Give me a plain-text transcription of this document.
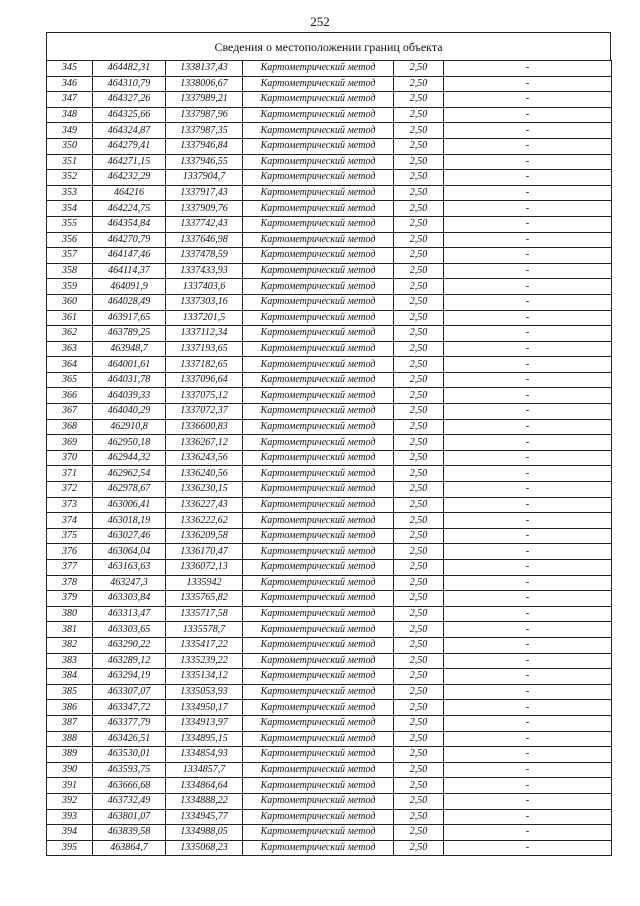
252
Сведения о местоположении границ объекта
345	464482,31	1338137,43	Картометрический метод	2,50	-
346	464310,79	1338006,67	Картометрический метод	2,50	-
347	464327,26	1337989,21	Картометрический метод	2,50	-
348	464325,66	1337987,96	Картометрический метод	2,50	-
349	464324,87	1337987,35	Картометрический метод	2,50	-
350	464279,41	1337946,84	Картометрический метод	2,50	-
351	464271,15	1337946,55	Картометрический метод	2,50	-
352	464232,29	1337904,7	Картометрический метод	2,50	-
353	464216	1337917,43	Картометрический метод	2,50	-
354	464224,75	1337909,76	Картометрический метод	2,50	-
355	464354,84	1337742,43	Картометрический метод	2,50	-
356	464270,79	1337646,98	Картометрический метод	2,50	-
357	464147,46	1337478,59	Картометрический метод	2,50	-
358	464114,37	1337433,93	Картометрический метод	2,50	-
359	464091,9	1337403,6	Картометрический метод	2,50	-
360	464028,49	1337303,16	Картометрический метод	2,50	-
361	463917,65	1337201,5	Картометрический метод	2,50	-
362	463789,25	1337112,34	Картометрический метод	2,50	-
363	463948,7	1337193,65	Картометрический метод	2,50	-
364	464001,61	1337182,65	Картометрический метод	2,50	-
365	464031,78	1337096,64	Картометрический метод	2,50	-
366	464039,33	1337075,12	Картометрический метод	2,50	-
367	464040,29	1337072,37	Картометрический метод	2,50	-
368	462910,8	1336600,83	Картометрический метод	2,50	-
369	462950,18	1336267,12	Картометрический метод	2,50	-
370	462944,32	1336243,56	Картометрический метод	2,50	-
371	462962,54	1336240,56	Картометрический метод	2,50	-
372	462978,67	1336230,15	Картометрический метод	2,50	-
373	463006,41	1336227,43	Картометрический метод	2,50	-
374	463018,19	1336222,62	Картометрический метод	2,50	-
375	463027,46	1336209,58	Картометрический метод	2,50	-
376	463064,04	1336170,47	Картометрический метод	2,50	-
377	463163,63	1336072,13	Картометрический метод	2,50	-
378	463247,3	1335942	Картометрический метод	2,50	-
379	463303,84	1335765,82	Картометрический метод	2,50	-
380	463313,47	1335717,58	Картометрический метод	2,50	-
381	463303,65	1335578,7	Картометрический метод	2,50	-
382	463290,22	1335417,22	Картометрический метод	2,50	-
383	463289,12	1335239,22	Картометрический метод	2,50	-
384	463294,19	1335134,12	Картометрический метод	2,50	-
385	463307,07	1335053,93	Картометрический метод	2,50	-
386	463347,72	1334950,17	Картометрический метод	2,50	-
387	463377,79	1334913,97	Картометрический метод	2,50	-
388	463426,51	1334895,15	Картометрический метод	2,50	-
389	463530,01	1334854,93	Картометрический метод	2,50	-
390	463593,75	1334857,7	Картометрический метод	2,50	-
391	463666,68	1334864,64	Картометрический метод	2,50	-
392	463732,49	1334888,22	Картометрический метод	2,50	-
393	463801,07	1334945,77	Картометрический метод	2,50	-
394	463839,58	1334988,05	Картометрический метод	2,50	-
395	463864,7	1335068,23	Картометрический метод	2,50	-
